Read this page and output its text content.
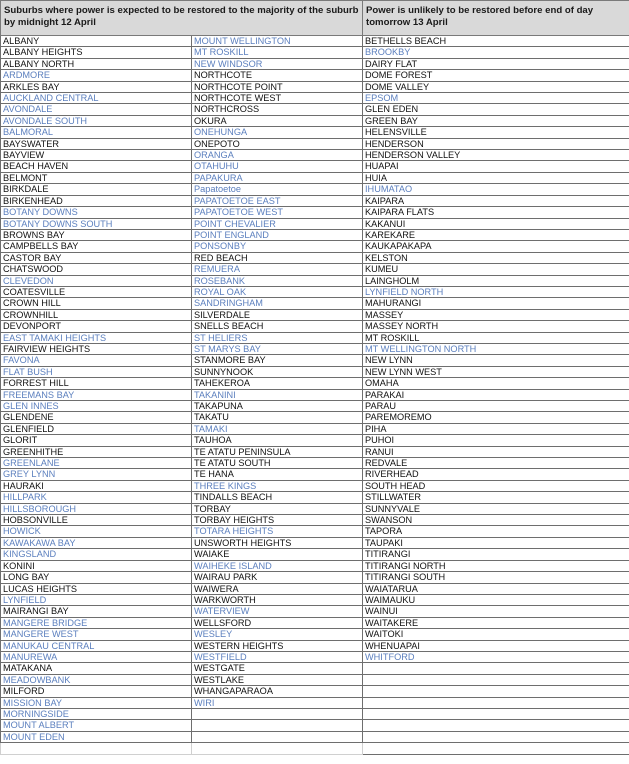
Suburbs where power is expected to be restored to the majority of the suburb by midnight 12 April		Power is unlikely to be restored before end of day tomorrow 13 April
ALBANY	MOUNT WELLINGTON	BETHELLS BEACH
ALBANY HEIGHTS	MT ROSKILL	BROOKBY
ALBANY NORTH	NEW WINDSOR	DAIRY FLAT
ARDMORE	NORTHCOTE	DOME FOREST
ARKLES BAY	NORTHCOTE POINT	DOME VALLEY
AUCKLAND CENTRAL	NORTHCOTE WEST	EPSOM
AVONDALE	NORTHCROSS	GLEN EDEN
AVONDALE SOUTH	OKURA	GREEN BAY
BALMORAL	ONEHUNGA	HELENSVILLE
BAYSWATER	ONEPOTO	HENDERSON
BAYVIEW	ORANGA	HENDERSON VALLEY
BEACH HAVEN	OTAHUHU	HUAPAI
BELMONT	PAPAKURA	HUIA
BIRKDALE	Papatoetoe	IHUMATAO
BIRKENHEAD	PAPATOETOE EAST	KAIPARA
BOTANY DOWNS	PAPATOETOE WEST	KAIPARA FLATS
BOTANY DOWNS SOUTH	POINT CHEVALIER	KAKANUI
BROWNS BAY	POINT ENGLAND	KAREKARE
CAMPBELLS BAY	PONSONBY	KAUKAPAKAPA
CASTOR BAY	RED BEACH	KELSTON
CHATSWOOD	REMUERA	KUMEU
CLEVEDON	ROSEBANK	LAINGHOLM
COATESVILLE	ROYAL OAK	LYNFIELD NORTH
CROWN HILL	SANDRINGHAM	MAHURANGI
CROWNHILL	SILVERDALE	MASSEY
DEVONPORT	SNELLS BEACH	MASSEY NORTH
EAST TAMAKI HEIGHTS	ST HELIERS	MT ROSKILL
FAIRVIEW HEIGHTS	ST MARYS BAY	MT WELLINGTON NORTH
FAVONA	STANMORE BAY	NEW LYNN
FLAT BUSH	SUNNYNOOK	NEW LYNN WEST
FORREST HILL	TAHEKEROA	OMAHA
FREEMANS BAY	TAKANINI	PARAKAI
GLEN INNES	TAKAPUNA	PARAU
GLENDENE	TAKATU	PAREMOREMO
GLENFIELD	TAMAKI	PIHA
GLORIT	TAUHOA	PUHOI
GREENHITHE	TE ATATU PENINSULA	RANUI
GREENLANE	TE ATATU SOUTH	REDVALE
GREY LYNN	TE HANA	RIVERHEAD
HAURAKI	THREE KINGS	SOUTH HEAD
HILLPARK	TINDALLS BEACH	STILLWATER
HILLSBOROUGH	TORBAY	SUNNYVALE
HOBSONVILLE	TORBAY HEIGHTS	SWANSON
HOWICK	TOTARA HEIGHTS	TAPORA
KAWAKAWA BAY	UNSWORTH HEIGHTS	TAUPAKI
KINGSLAND	WAIAKE	TITIRANGI
KONINI	WAIHEKE ISLAND	TITIRANGI NORTH
LONG BAY	WAIRAU PARK	TITIRANGI SOUTH
LUCAS HEIGHTS	WAIWERA	WAIATARUA
LYNFIELD	WARKWORTH	WAIMAUKU
MAIRANGI BAY	WATERVIEW	WAINUI
MANGERE BRIDGE	WELLSFORD	WAITAKERE
MANGERE WEST	WESLEY	WAITOKI
MANUKAU CENTRAL	WESTERN HEIGHTS	WHENUAPAI
MANUREWA	WESTFIELD	WHITFORD
MATAKANA	WESTGATE	
MEADOWBANK	WESTLAKE	
MILFORD	WHANGAPARAOA	
MISSION BAY	WIRI	
MORNINGSIDE		
MOUNT ALBERT		
MOUNT EDEN		
